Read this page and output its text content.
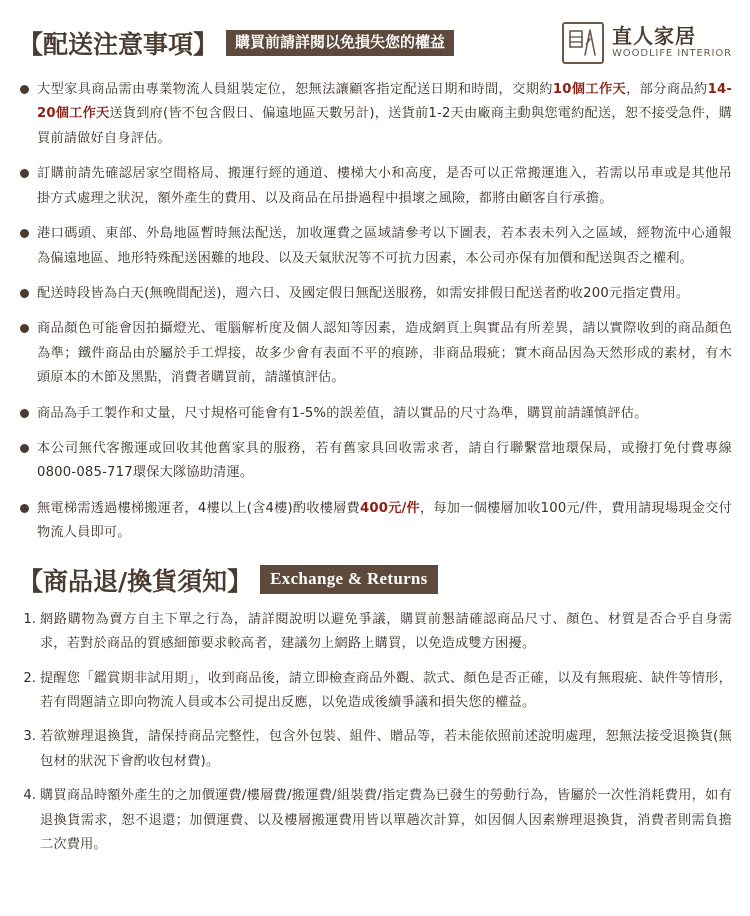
【配送注意事項】	購買前請詳閱以免損失您的權益	直人家居
WOODLIFE INTERIOR
大型家具商品需由專業物流人員組裝定位，恕無法讓顧客指定配送日期和時間，交期約10個工作天，部分商品約14-20個工作天送貨到府(皆不包含假日、偏遠地區天數另計)，送貨前1-2天由廠商主動與您電約配送，恕不接受急件，購買前請做好自身評估。
訂購前請先確認居家空間格局、搬運行經的通道、樓梯大小和高度，是否可以正常搬運進入，若需以吊車或是其他吊掛方式處理之狀況，額外產生的費用、以及商品在吊掛過程中損壞之風險，都將由顧客自行承擔。
港口碼頭、東部、外島地區暫時無法配送，加收運費之區域請參考以下圖表，若本表未列入之區域，經物流中心通報為偏遠地區、地形特殊配送困難的地段、以及天氣狀況等不可抗力因素，本公司亦保有加價和配送與否之權利。
配送時段皆為白天(無晚間配送)，週六日、及國定假日無配送服務，如需安排假日配送者酌收200元指定費用。
商品顏色可能會因拍攝燈光、電腦解析度及個人認知等因素，造成網頁上與實品有所差異，請以實際收到的商品顏色為準；鐵件商品由於屬於手工焊接，故多少會有表面不平的痕跡，非商品瑕疵；實木商品因為天然形成的素材，有木頭原本的木節及黑點，消費者購買前，請謹慎評估。
商品為手工製作和丈量，尺寸規格可能會有1-5%的誤差值，請以實品的尺寸為準，購買前請謹慎評估。
本公司無代客搬運或回收其他舊家具的服務，若有舊家具回收需求者，請自行聯繫當地環保局，或撥打免付費專線0800-085-717環保大隊協助清運。
無電梯需透過樓梯搬運者，4樓以上(含4樓)酌收樓層費400元/件，每加一個樓層加收100元/件，費用請現場現金交付物流人員即可。
【商品退/換貨須知】	Exchange & Returns
1. 網路購物為賣方自主下單之行為，請詳閱說明以避免爭議，購買前懇請確認商品尺寸、顏色、材質是否合乎自身需求，若對於商品的質感細節要求較高者，建議勿上網路上購買，以免造成雙方困擾。
2. 提醒您「鑑賞期非試用期」，收到商品後，請立即檢查商品外觀、款式、顏色是否正確，以及有無瑕疵、缺件等情形，若有問題請立即向物流人員或本公司提出反應，以免造成後續爭議和損失您的權益。
3. 若欲辦理退換貨，請保持商品完整性，包含外包裝、組件、贈品等，若未能依照前述說明處理，恕無法接受退換貨(無包材的狀況下會酌收包材費)。
4. 購買商品時額外產生的之加價運費/樓層費/搬運費/組裝費/指定費為已發生的勞動行為，皆屬於一次性消耗費用，如有退換貨需求，恕不退還；加價運費、以及樓層搬運費用皆以單趟次計算，如因個人因素辦理退換貨，消費者則需負擔二次費用。
